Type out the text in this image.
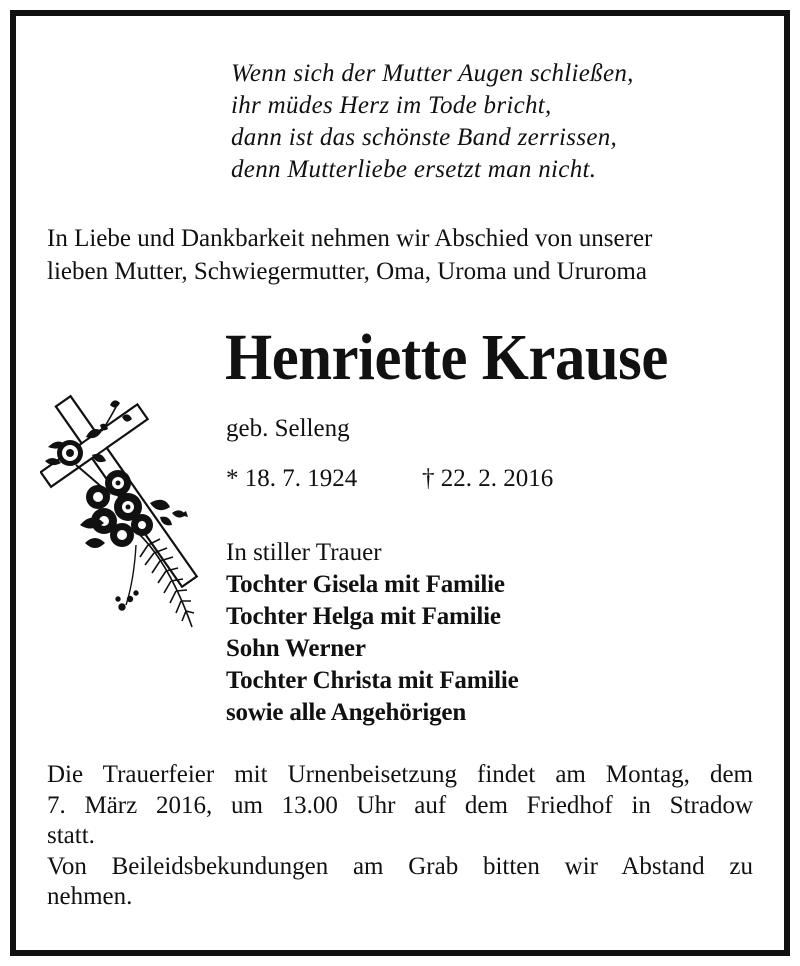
Wenn sich der Mutter Augen schließen,
ihr müdes Herz im Tode bricht,
dann ist das schönste Band zerrissen,
denn Mutterliebe ersetzt man nicht.
In Liebe und Dankbarkeit nehmen wir Abschied von unserer
lieben Mutter, Schwiegermutter, Oma, Uroma und Ururoma
Henriette Krause
geb. Selleng
* 18. 7. 1924	† 22. 2. 2016
In stiller Trauer
Tochter Gisela mit Familie
Tochter Helga mit Familie
Sohn Werner
Tochter Christa mit Familie
sowie alle Angehörigen
Die Trauerfeier mit Urnenbeisetzung findet am Montag, dem
7. März 2016, um 13.00 Uhr auf dem Friedhof in Stradow
statt.
Von Beileidsbekundungen am Grab bitten wir Abstand zu
nehmen.
